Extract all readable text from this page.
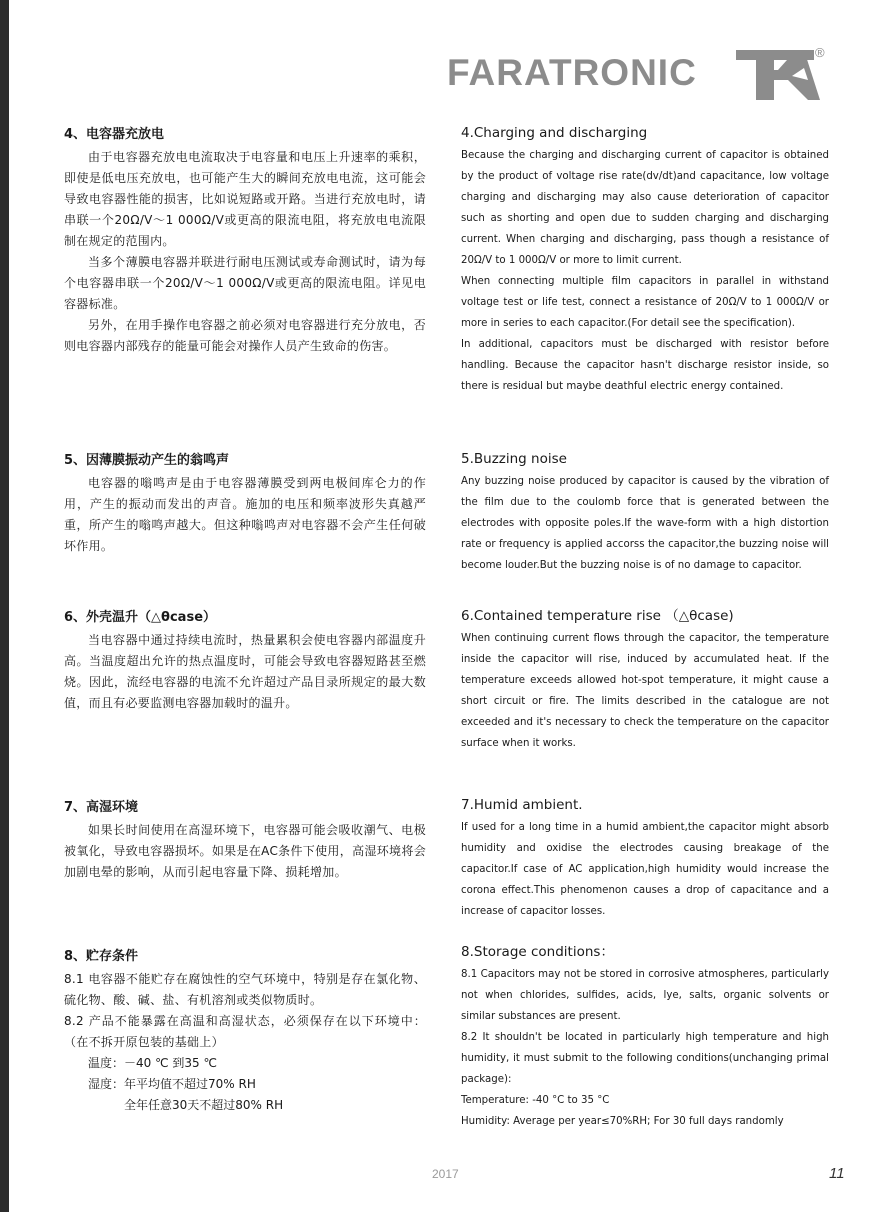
FARATRONIC	®

4、电容器充放电

由于电容器充放电电流取决于电容量和电压上升速率的乘积，即使是低电压充放电，也可能产生大的瞬间充放电电流，这可能会导致电容器性能的损害，比如说短路或开路。当进行充放电时，请串联一个20Ω/V～1 000Ω/V或更高的限流电阻，将充放电电流限制在规定的范围内。

当多个薄膜电容器并联进行耐电压测试或寿命测试时，请为每个电容器串联一个20Ω/V～1 000Ω/V或更高的限流电阻。详见电容器标准。

另外，在用手操作电容器之前必须对电容器进行充分放电，否则电容器内部残存的能量可能会对操作人员产生致命的伤害。

4.Charging and discharging

Because the charging and discharging current of capacitor is obtained by the product of voltage rise rate(dv/dt)and capacitance, low voltage charging and discharging may also cause deterioration of capacitor such as shorting and open due to sudden charging and discharging current. When charging and discharging, pass though a resistance of 20Ω/V to 1 000Ω/V or more to limit current.

When connecting multiple film capacitors in parallel in withstand voltage test or life test, connect a resistance of 20Ω/V to 1 000Ω/V or more in series to each capacitor.(For detail see the specification).

In additional, capacitors must be discharged with resistor before handling. Because the capacitor hasn't discharge resistor inside, so there is residual but maybe deathful electric energy contained.

5、因薄膜振动产生的翁鸣声

电容器的嗡鸣声是由于电容器薄膜受到两电极间库仑力的作用，产生的振动而发出的声音。施加的电压和频率波形失真越严重，所产生的嗡鸣声越大。但这种嗡鸣声对电容器不会产生任何破坏作用。

5.Buzzing noise

Any buzzing noise produced by capacitor is caused by the vibration of the film due to the coulomb force that is generated between the electrodes with opposite poles.If the wave-form with a high distortion rate or frequency is applied accorss the capacitor,the buzzing noise will become louder.But the buzzing noise is of no damage to capacitor.

6、外壳温升（△θcase）

当电容器中通过持续电流时，热量累积会使电容器内部温度升高。当温度超出允许的热点温度时，可能会导致电容器短路甚至燃烧。因此，流经电容器的电流不允许超过产品目录所规定的最大数值，而且有必要监测电容器加载时的温升。

6.Contained temperature rise （△θcase)

When continuing current flows through the capacitor, the temperature inside the capacitor will rise, induced by accumulated heat. If the temperature exceeds allowed hot-spot temperature, it might cause a short circuit or fire. The limits described in the catalogue are not exceeded and it's necessary to check the temperature on the capacitor surface when it works.

7、高湿环境

如果长时间使用在高湿环境下，电容器可能会吸收潮气、电极被氧化，导致电容器损坏。如果是在AC条件下使用，高湿环境将会加剧电晕的影响，从而引起电容量下降、损耗增加。

7.Humid ambient.

If used for a long time in a humid ambient,the capacitor might absorb humidity and oxidise the electrodes causing breakage of the capacitor.If case of AC application,high humidity would increase the corona effect.This phenomenon causes a drop of capacitance and a increase of capacitor losses.

8、贮存条件

8.1 电容器不能贮存在腐蚀性的空气环境中，特别是存在氯化物、硫化物、酸、碱、盐、有机溶剂或类似物质时。

8.2 产品不能暴露在高温和高湿状态，必须保存在以下环境中：（在不拆开原包装的基础上）

温度：－40 ℃ 到35 ℃

湿度：年平均值不超过70% RH

全年任意30天不超过80% RH

8.Storage conditions：

8.1 Capacitors may not be stored in corrosive atmospheres, particularly not when chlorides, sulfides, acids, lye, salts, organic solvents or similar substances are present.

8.2 It shouldn't be located in particularly high temperature and high humidity, it must submit to the following conditions(unchanging primal package):

Temperature: -40 °C to 35 °C

Humidity: Average per year≤70%RH; For 30 full days randomly

2017	11
